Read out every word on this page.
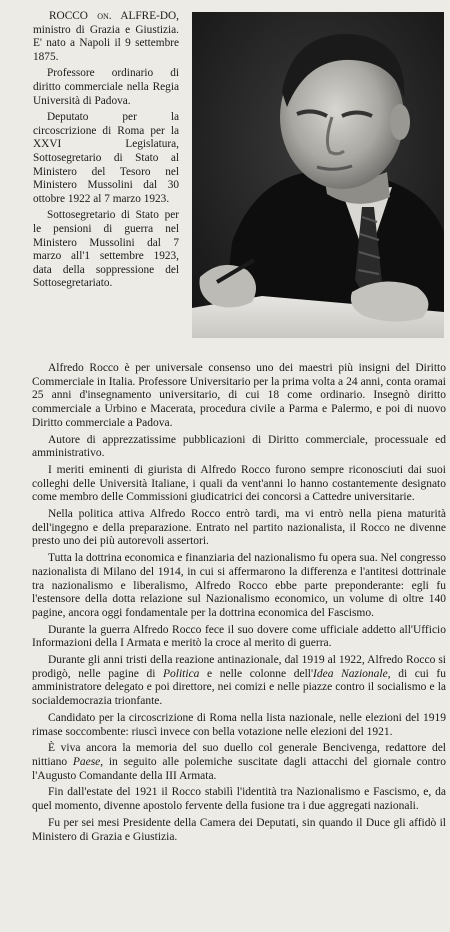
ROCCO on. ALFRE-DO, ministro di Grazia e Giustizia. E' nato a Napoli il 9 settembre 1875.

Professore ordinario di diritto commerciale nella Regia Università di Padova.

Deputato per la circoscrizione di Roma per la XXVI Legislatura, Sottosegretario di Stato al Ministero del Tesoro nel Ministero Mussolini dal 30 ottobre 1922 al 7 marzo 1923.

Sottosegretario di Stato per le pensioni di guerra nel Ministero Mussolini dal 7 marzo all'1 settembre 1923, data della soppressione del Sottosegretariato.

Alfredo Rocco è per universale consenso uno dei maestri più insigni del Diritto Commerciale in Italia. Professore Universitario per la prima volta a 24 anni, conta oramai 25 anni d'insegnamento universitario, di cui 18 come ordinario. Insegnò diritto commerciale a Urbino e Macerata, procedura civile a Parma e Palermo, e poi di nuovo Diritto commerciale a Padova.

Autore di apprezzatissime pubblicazioni di Diritto commerciale, processuale ed amministrativo.

I meriti eminenti di giurista di Alfredo Rocco furono sempre riconosciuti dai suoi colleghi delle Università Italiane, i quali da vent'anni lo hanno costantemente designato come membro delle Commissioni giudicatrici dei concorsi a Cattedre universitarie.

Nella politica attiva Alfredo Rocco entrò tardi, ma vi entrò nella piena maturità dell'ingegno e della preparazione. Entrato nel partito nazionalista, il Rocco ne divenne presto uno dei più autorevoli assertori.

Tutta la dottrina economica e finanziaria del nazionalismo fu opera sua. Nel congresso nazionalista di Milano del 1914, in cui si affermarono la differenza e l'antitesi dottrinale tra nazionalismo e liberalismo, Alfredo Rocco ebbe parte preponderante: egli fu l'estensore della dotta relazione sul Nazionalismo economico, un volume di oltre 140 pagine, ancora oggi fondamentale per la dottrina economica del Fascismo.

Durante la guerra Alfredo Rocco fece il suo dovere come ufficiale addetto all'Ufficio Informazioni della I Armata e meritò la croce al merito di guerra.

Durante gli anni tristi della reazione antinazionale, dal 1919 al 1922, Alfredo Rocco si prodigò, nelle pagine di Politica e nelle colonne dell'Idea Nazionale, di cui fu amministratore delegato e poi direttore, nei comizi e nelle piazze contro il socialismo e la socialdemocrazia trionfante.

Candidato per la circoscrizione di Roma nella lista nazionale, nelle elezioni del 1919 rimase soccombente: riuscì invece con bella votazione nelle elezioni del 1921.

È viva ancora la memoria del suo duello col generale Bencivenga, redattore del nittiano Paese, in seguito alle polemiche suscitate dagli attacchi del giornale contro l'Augusto Comandante della III Armata.

Fin dall'estate del 1921 il Rocco stabilì l'identità tra Nazionalismo e Fascismo, e, da quel momento, divenne apostolo fervente della fusione tra i due aggregati nazionali.

Fu per sei mesi Presidente della Camera dei Deputati, sin quando il Duce gli affidò il Ministero di Grazia e Giustizia.
